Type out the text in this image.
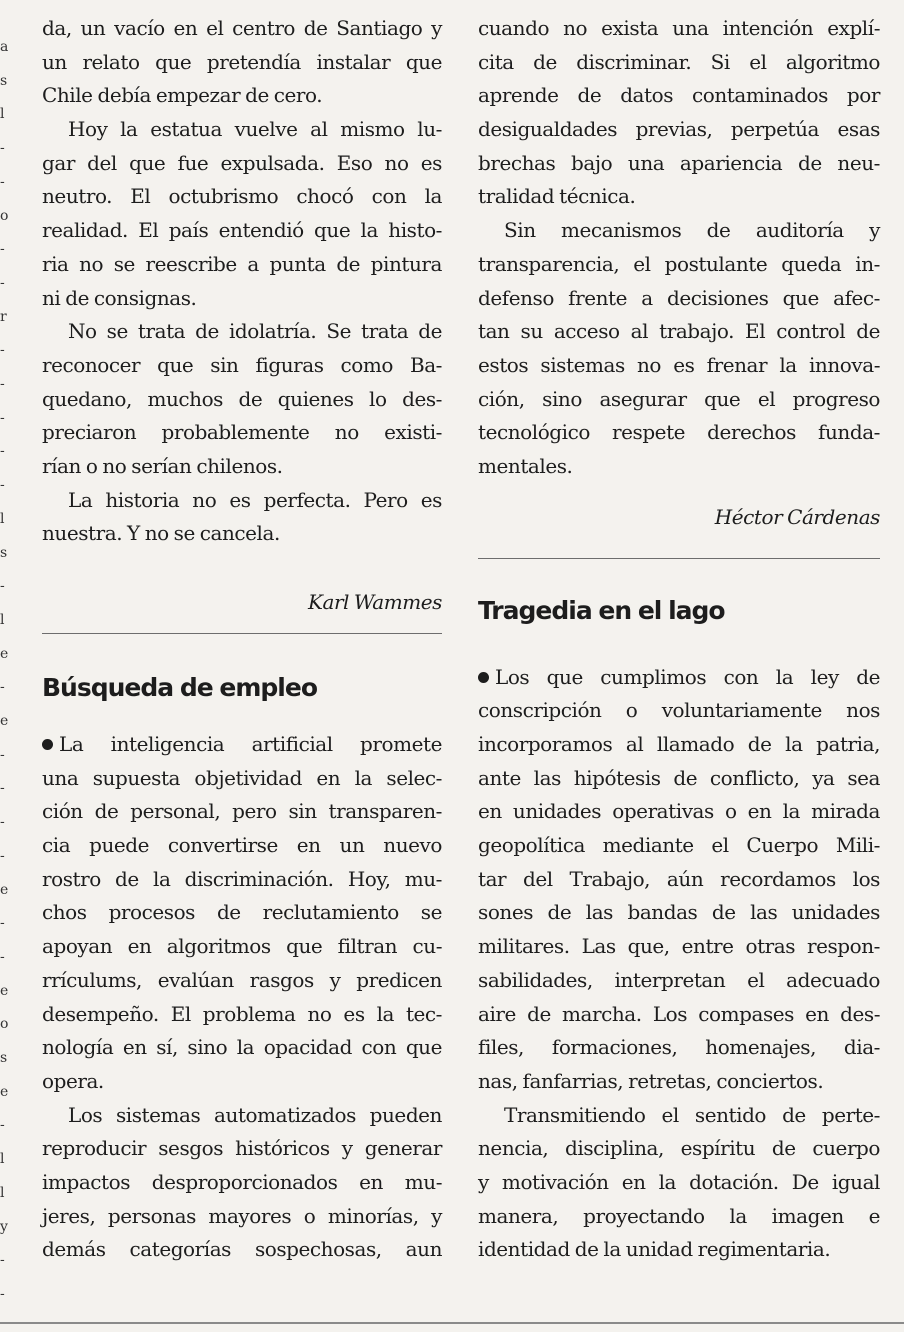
a
s
l
-
-
o
-
-
r
-
-
-
-
-
l
s
-
l
e
-
e
-
-
-
-
e
-
-
e
o
s
e
-
l
l
y
-
-
da, un vacío en el centro de Santiago y
un relato que pretendía instalar que
Chile debía empezar de cero.
Hoy la estatua vuelve al mismo lu-
gar del que fue expulsada. Eso no es
neutro. El octubrismo chocó con la
realidad. El país entendió que la histo-
ria no se reescribe a punta de pintura
ni de consignas.
No se trata de idolatría. Se trata de
reconocer que sin figuras como Ba-
quedano, muchos de quienes lo des-
preciaron probablemente no existi-
rían o no serían chilenos.
La historia no es perfecta. Pero es
nuestra. Y no se cancela.
Karl Wammes
Búsqueda de empleo
La inteligencia artificial promete
una supuesta objetividad en la selec-
ción de personal, pero sin transparen-
cia puede convertirse en un nuevo
rostro de la discriminación. Hoy, mu-
chos procesos de reclutamiento se
apoyan en algoritmos que filtran cu-
rrículums, evalúan rasgos y predicen
desempeño. El problema no es la tec-
nología en sí, sino la opacidad con que
opera.
Los sistemas automatizados pueden
reproducir sesgos históricos y generar
impactos desproporcionados en mu-
jeres, personas mayores o minorías, y
demás categorías sospechosas, aun
cuando no exista una intención explí-
cita de discriminar. Si el algoritmo
aprende de datos contaminados por
desigualdades previas, perpetúa esas
brechas bajo una apariencia de neu-
tralidad técnica.
Sin mecanismos de auditoría y
transparencia, el postulante queda in-
defenso frente a decisiones que afec-
tan su acceso al trabajo. El control de
estos sistemas no es frenar la innova-
ción, sino asegurar que el progreso
tecnológico respete derechos funda-
mentales.
Héctor Cárdenas
Tragedia en el lago
Los que cumplimos con la ley de
conscripción o voluntariamente nos
incorporamos al llamado de la patria,
ante las hipótesis de conflicto, ya sea
en unidades operativas o en la mirada
geopolítica mediante el Cuerpo Mili-
tar del Trabajo, aún recordamos los
sones de las bandas de las unidades
militares. Las que, entre otras respon-
sabilidades, interpretan el adecuado
aire de marcha. Los compases en des-
files, formaciones, homenajes, dia-
nas, fanfarrias, retretas, conciertos.
Transmitiendo el sentido de perte-
nencia, disciplina, espíritu de cuerpo
y motivación en la dotación. De igual
manera, proyectando la imagen e
identidad de la unidad regimentaria.
